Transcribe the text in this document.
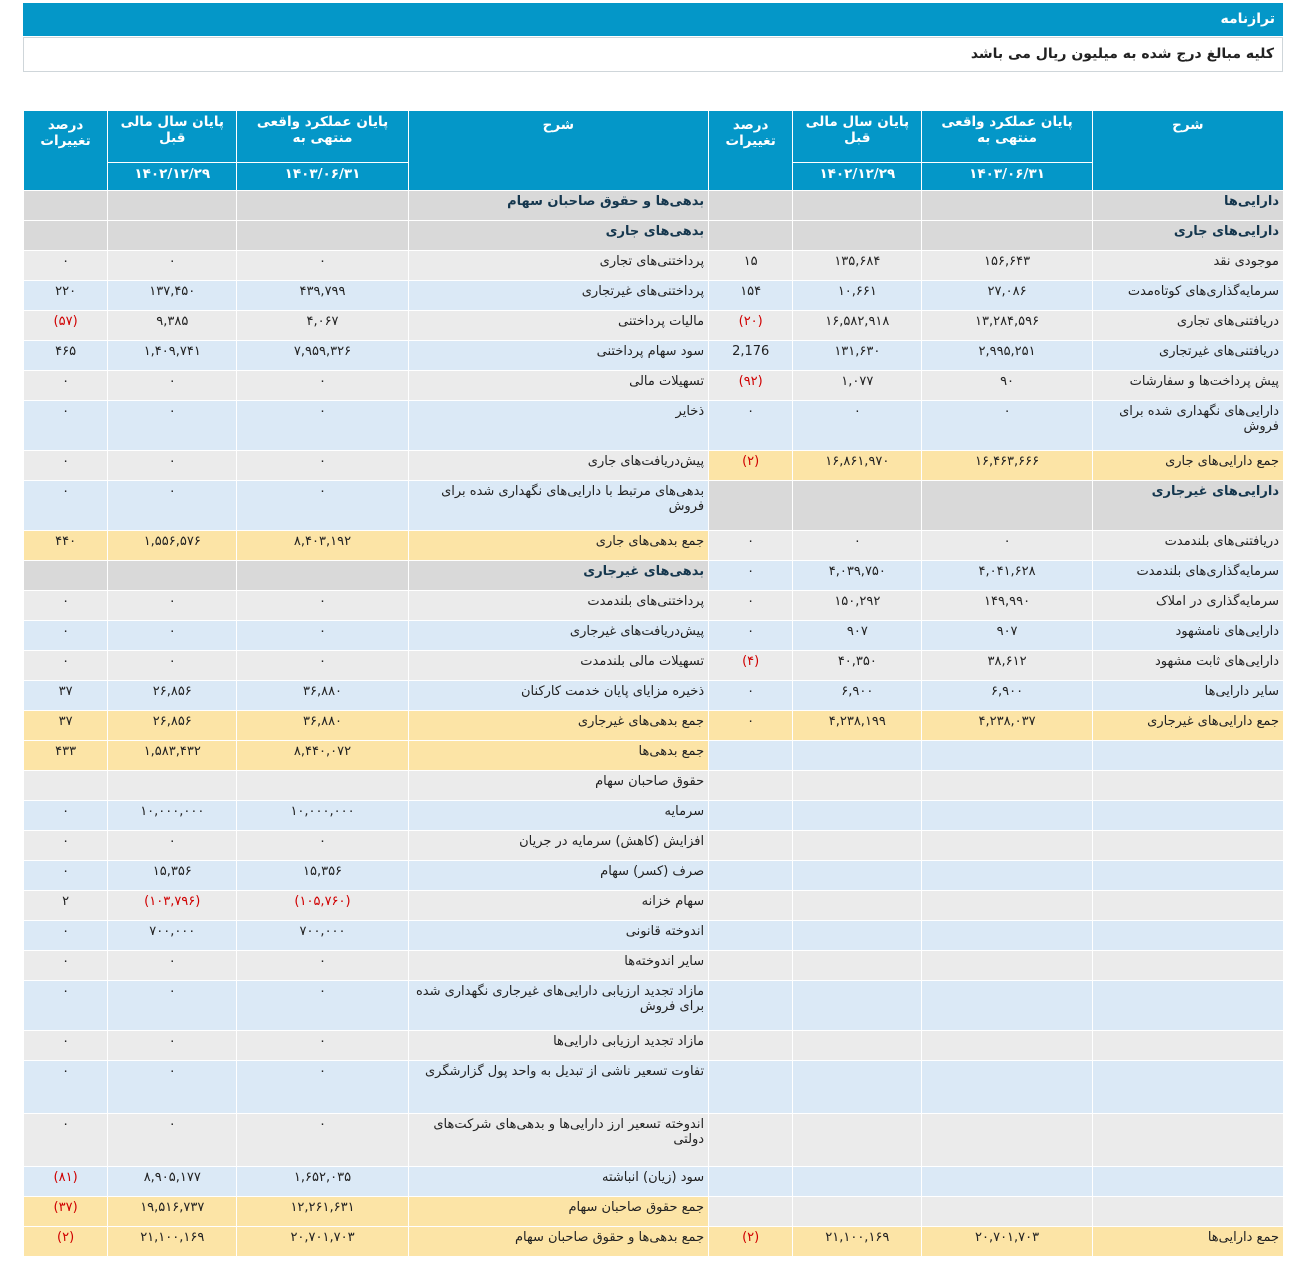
ترازنامه
کلیه مبالغ درج شده به میلیون ریال می باشد
شرح	پایان عملکرد واقعی منتهی به	پایان سال مالی قبل	درصد تغییرات	شرح	پایان عملکرد واقعی منتهی به	پایان سال مالی قبل	درصد تغییرات
	۱۴۰۳/۰۶/۳۱	۱۴۰۲/۱۲/۲۹			۱۴۰۳/۰۶/۳۱	۱۴۰۲/۱۲/۲۹	
دارایی‌ها				بدهی‌ها و حقوق صاحبان سهام			
دارایی‌های جاری				بدهی‌های جاری			
موجودی نقد	۱۵۶,۶۴۳	۱۳۵,۶۸۴	۱۵	پرداختنی‌های تجاری	۰	۰	۰
سرمایه‌گذاری‌های کوتاه‌مدت	۲۷,۰۸۶	۱۰,۶۶۱	۱۵۴	پرداختنی‌های غیرتجاری	۴۳۹,۷۹۹	۱۳۷,۴۵۰	۲۲۰
دریافتنی‌های تجاری	۱۳,۲۸۴,۵۹۶	۱۶,۵۸۲,۹۱۸	(۲۰)	مالیات پرداختنی	۴,۰۶۷	۹,۳۸۵	(۵۷)
دریافتنی‌های غیرتجاری	۲,۹۹۵,۲۵۱	۱۳۱,۶۳۰	2,176	سود سهام پرداختنی	۷,۹۵۹,۳۲۶	۱,۴۰۹,۷۴۱	۴۶۵
پیش پرداخت‌ها و سفارشات	۹۰	۱,۰۷۷	(۹۲)	تسهیلات مالی	۰	۰	۰
دارایی‌های نگهداری شده برای فروش	۰	۰	۰	ذخایر	۰	۰	۰
جمع دارایی‌های جاری	۱۶,۴۶۳,۶۶۶	۱۶,۸۶۱,۹۷۰	(۲)	پیش‌دریافت‌های جاری	۰	۰	۰
دارایی‌های غیرجاری				بدهی‌های مرتبط با دارایی‌های نگهداری شده برای فروش	۰	۰	۰
دریافتنی‌های بلندمدت	۰	۰	۰	جمع بدهی‌های جاری	۸,۴۰۳,۱۹۲	۱,۵۵۶,۵۷۶	۴۴۰
سرمایه‌گذاری‌های بلندمدت	۴,۰۴۱,۶۲۸	۴,۰۳۹,۷۵۰	۰	بدهی‌های غیرجاری			
سرمایه‌گذاری در املاک	۱۴۹,۹۹۰	۱۵۰,۲۹۲	۰	پرداختنی‌های بلندمدت	۰	۰	۰
دارایی‌های نامشهود	۹۰۷	۹۰۷	۰	پیش‌دریافت‌های غیرجاری	۰	۰	۰
دارایی‌های ثابت مشهود	۳۸,۶۱۲	۴۰,۳۵۰	(۴)	تسهیلات مالی بلندمدت	۰	۰	۰
سایر دارایی‌ها	۶,۹۰۰	۶,۹۰۰	۰	ذخیره مزایای پایان خدمت کارکنان	۳۶,۸۸۰	۲۶,۸۵۶	۳۷
جمع دارایی‌های غیرجاری	۴,۲۳۸,۰۳۷	۴,۲۳۸,۱۹۹	۰	جمع بدهی‌های غیرجاری	۳۶,۸۸۰	۲۶,۸۵۶	۳۷
				جمع بدهی‌ها	۸,۴۴۰,۰۷۲	۱,۵۸۳,۴۳۲	۴۳۳
				حقوق صاحبان سهام			
				سرمایه	۱۰,۰۰۰,۰۰۰	۱۰,۰۰۰,۰۰۰	۰
				افزایش (کاهش) سرمایه در جریان	۰	۰	۰
				صرف (کسر) سهام	۱۵,۳۵۶	۱۵,۳۵۶	۰
				سهام خزانه	(۱۰۵,۷۶۰)	(۱۰۳,۷۹۶)	۲
				اندوخته قانونی	۷۰۰,۰۰۰	۷۰۰,۰۰۰	۰
				سایر اندوخته‌ها	۰	۰	۰
				مازاد تجدید ارزیابی دارایی‌های غیرجاری نگهداری شده برای فروش	۰	۰	۰
				مازاد تجدید ارزیابی دارایی‌ها	۰	۰	۰
				تفاوت تسعیر ناشی از تبدیل به واحد پول گزارشگری	۰	۰	۰
				اندوخته تسعیر ارز دارایی‌ها و بدهی‌های شرکت‌های دولتی	۰	۰	۰
				سود (زیان) انباشته	۱,۶۵۲,۰۳۵	۸,۹۰۵,۱۷۷	(۸۱)
				جمع حقوق صاحبان سهام	۱۲,۲۶۱,۶۳۱	۱۹,۵۱۶,۷۳۷	(۳۷)
جمع دارایی‌ها	۲۰,۷۰۱,۷۰۳	۲۱,۱۰۰,۱۶۹	(۲)	جمع بدهی‌ها و حقوق صاحبان سهام	۲۰,۷۰۱,۷۰۳	۲۱,۱۰۰,۱۶۹	(۲)
